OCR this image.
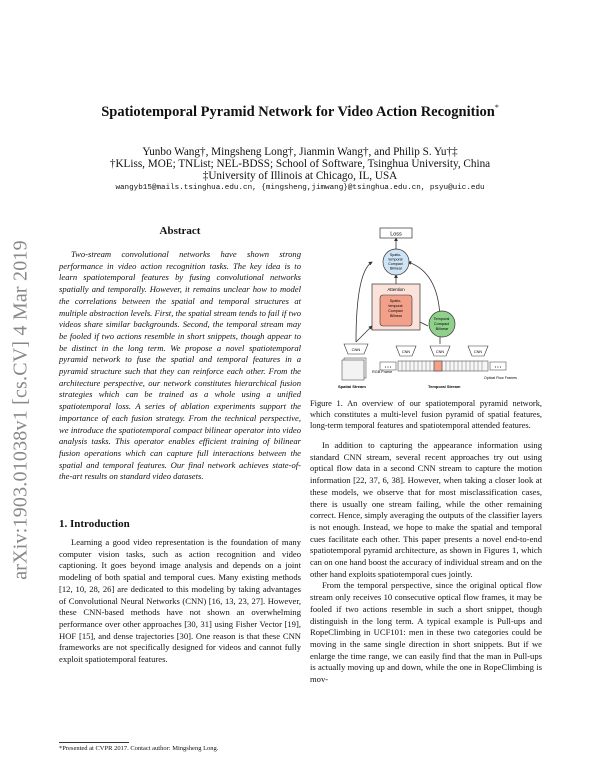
arXiv:1903.01038v1 [cs.CV] 4 Mar 2019
Spatiotemporal Pyramid Network for Video Action Recognition*
Yunbo Wang†, Mingsheng Long†, Jianmin Wang†, and Philip S. Yu†‡
†KLiss, MOE; TNList; NEL-BDSS; School of Software, Tsinghua University, China
‡University of Illinois at Chicago, IL, USA
wangyb15@mails.tsinghua.edu.cn, {mingsheng,jimwang}@tsinghua.edu.cn, psyu@uic.edu
Abstract

Two-stream convolutional networks have shown strong performance in video action recognition tasks. The key idea is to learn spatiotemporal features by fusing convolutional networks spatially and temporally. However, it remains unclear how to model the correlations between the spatial and temporal structures at multiple abstraction levels. First, the spatial stream tends to fail if two videos share similar backgrounds. Second, the temporal stream may be fooled if two actions resemble in short snippets, though appear to be distinct in the long term. We propose a novel spatiotemporal pyramid network to fuse the spatial and temporal features in a pyramid structure such that they can reinforce each other. From the architecture perspective, our network constitutes hierarchical fusion strategies which can be trained as a whole using a unified spatiotemporal loss. A series of ablation experiments support the importance of each fusion strategy. From the technical perspective, we introduce the spatiotemporal compact bilinear operator into video analysis tasks. This operator enables efficient training of bilinear fusion operations which can capture full interactions between the spatial and temporal features. Our final network achieves state-of-the-art results on standard video datasets.

1. Introduction

Learning a good video representation is the foundation of many computer vision tasks, such as action recognition and video captioning. It goes beyond image analysis and depends on a joint modeling of both spatial and temporal cues. Many existing methods [12, 10, 28, 26] are dedicated to this modeling by taking advantages of Convolutional Neural Networks (CNN) [16, 13, 23, 27]. However, these CNN-based methods have not shown an overwhelming performance over other approaches [30, 31] using Fisher Vector [19], HOF [15], and dense trajectories [30]. One reason is that these CNN frameworks are not specifically designed for videos and cannot fully exploit spatiotemporal features.

*Presented at CVPR 2017. Contact author: Mingsheng Long.
Loss
Spatio- temporal Compact Bilinear
Attention
Spatio- temporal Compact Bilinear
Temporal Compact Bilinear
CNN
RGB Frame
Spatial Stream
CNN	CNN	CNN
• • •	• • •
Optical Flow Frames
Temporal Stream
Figure 1. An overview of our spatiotemporal pyramid network, which constitutes a multi-level fusion pyramid of spatial features, long-term temporal features and spatiotemporal attended features.

In addition to capturing the appearance information using standard CNN stream, several recent approaches try out using optical flow data in a second CNN stream to capture the motion information [22, 37, 6, 38]. However, when taking a closer look at these models, we observe that for most misclassification cases, there is usually one stream failing, while the other remaining correct. Hence, simply averaging the outputs of the classifier layers is not enough. Instead, we hope to make the spatial and temporal cues facilitate each other. This paper presents a novel end-to-end spatiotemporal pyramid architecture, as shown in Figures 1, which can on one hand boost the accuracy of individual stream and on the other hand exploits spatiotemporal cues jointly.

From the temporal perspective, since the original optical flow stream only receives 10 consecutive optical flow frames, it may be fooled if two actions resemble in such a short snippet, though distinguish in the long term. A typical example is Pull-ups and RopeClimbing in UCF101: men in these two categories could be moving in the same single direction in short snippets. But if we enlarge the time range, we can easily find that the man in Pull-ups is actually moving up and down, while the one in RopeClimbing is mov-
